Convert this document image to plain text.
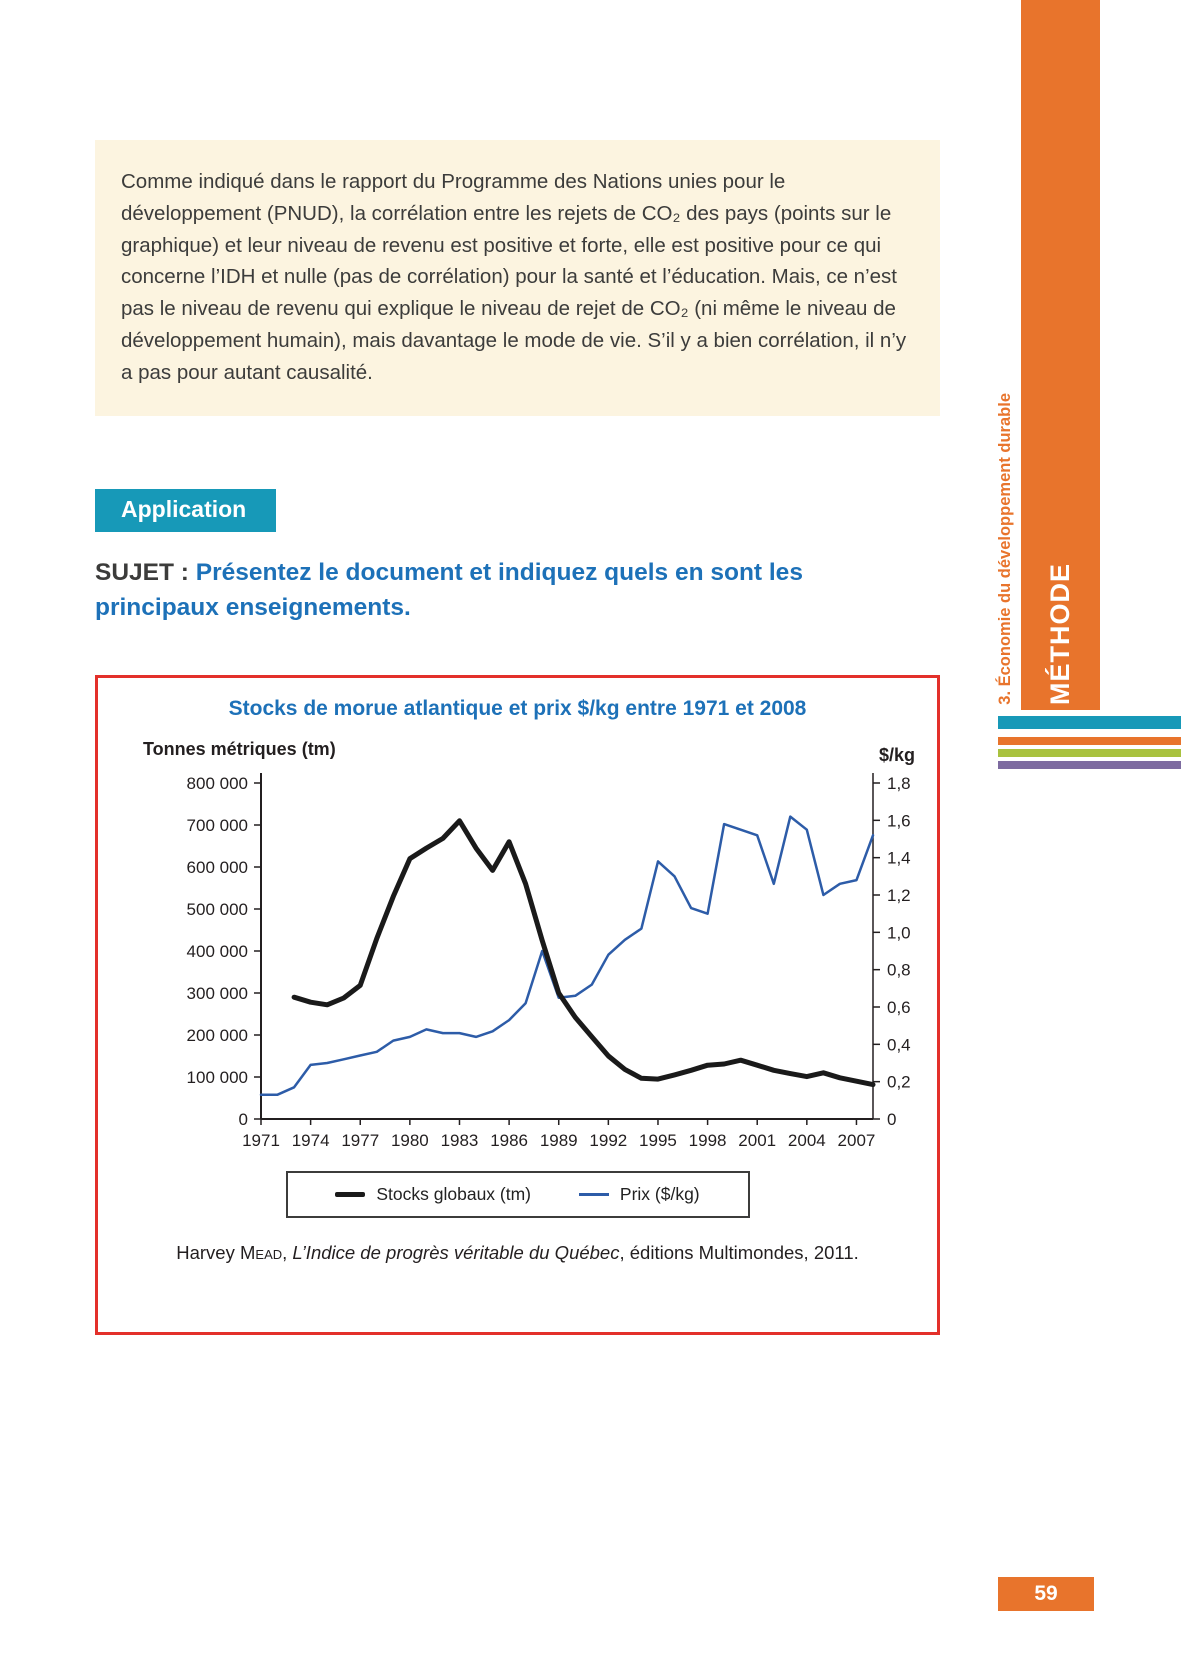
Comme indiqué dans le rapport du Programme des Nations unies pour le développement (PNUD), la corrélation entre les rejets de CO₂ des pays (points sur le graphique) et leur niveau de revenu est positive et forte, elle est positive pour ce qui concerne l’IDH et nulle (pas de corrélation) pour la santé et l’éducation. Mais, ce n’est pas le niveau de revenu qui explique le niveau de rejet de CO₂ (ni même le niveau de développement humain), mais davantage le mode de vie. S’il y a bien corrélation, il n’y a pas pour autant causalité.
Application
SUJET : Présentez le document et indiquez quels en sont les principaux enseignements.
Stocks de morue atlantique et prix $/kg entre 1971 et 2008
Tonnes métriques (tm)	$/kg
0
100 000
200 000
300 000
400 000
500 000
600 000
700 000
800 000
0
0,2
0,4
0,6
0,8
1,0
1,2
1,4
1,6
1,8
1971 1974 1977 1980 1983 1986 1989 1992 1995 1998 2001 2004 2007
Stocks globaux (tm)	Prix ($/kg)
Harvey Mead, L’Indice de progrès véritable du Québec, éditions Multimondes, 2011.
MÉTHODE
3. Économie du développement durable
59
